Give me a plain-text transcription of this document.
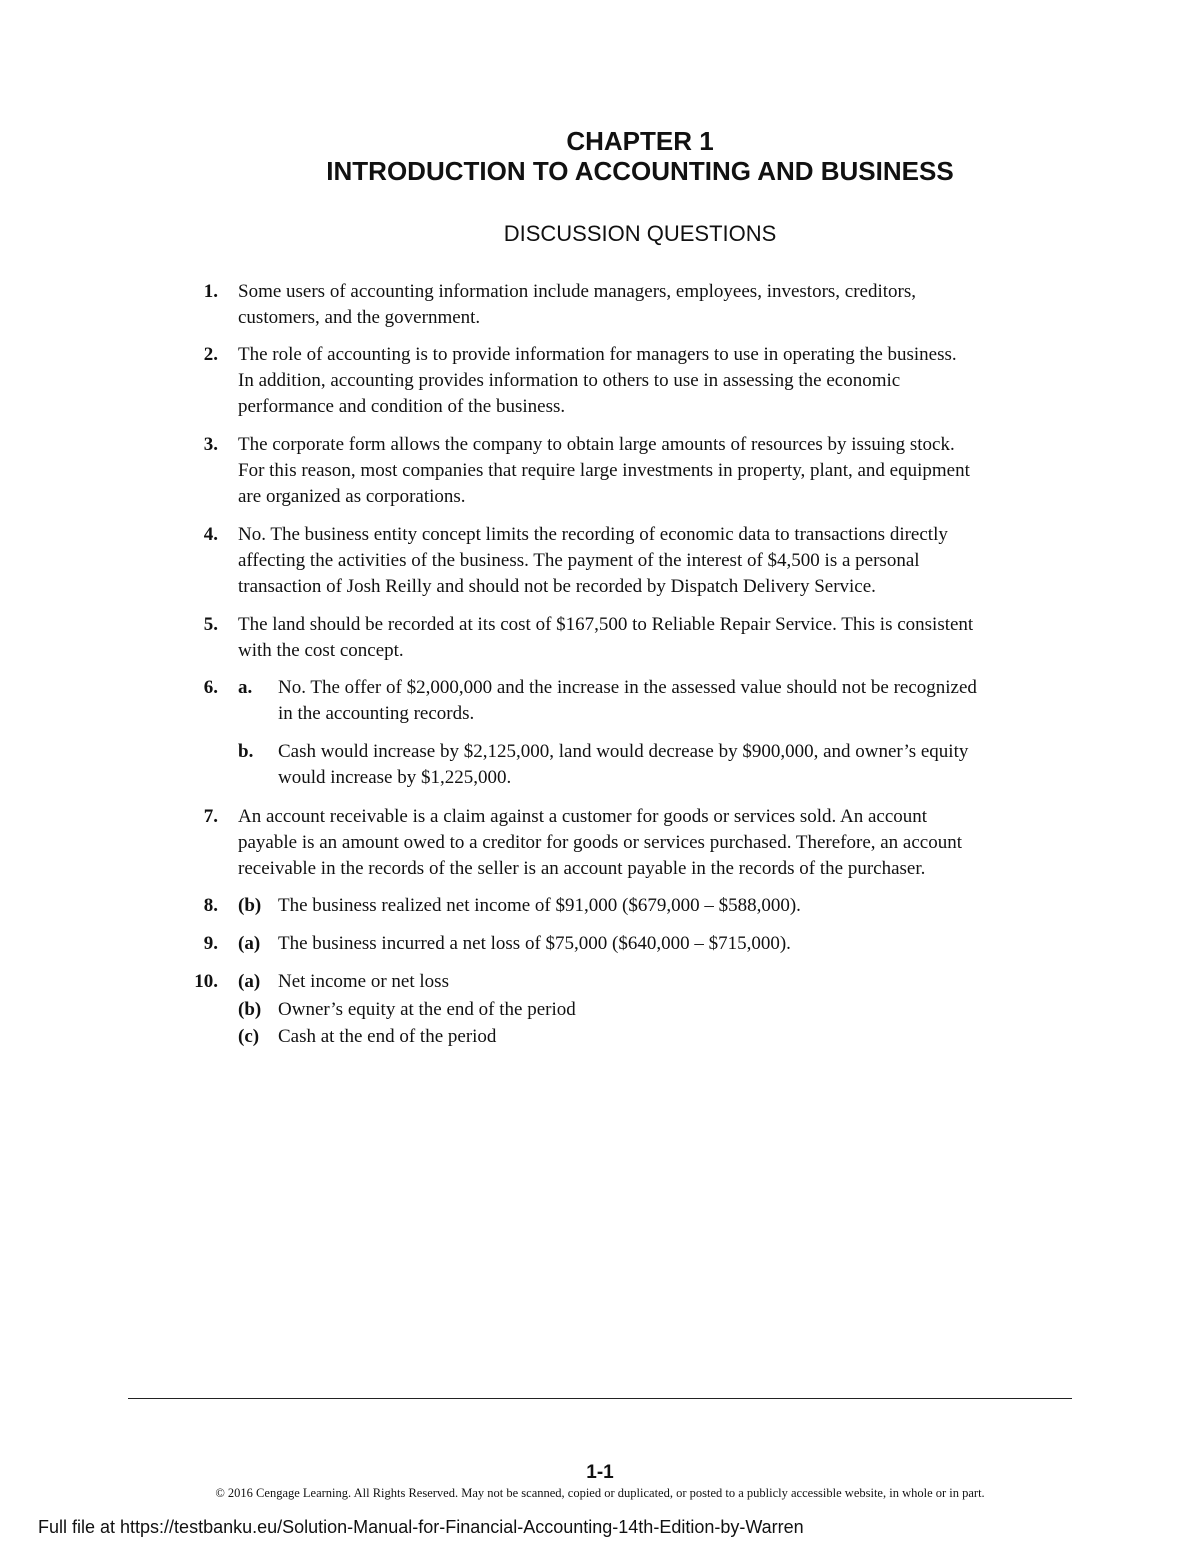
CHAPTER 1
INTRODUCTION TO ACCOUNTING AND BUSINESS
DISCUSSION QUESTIONS
1. Some users of accounting information include managers, employees, investors, creditors,
customers, and the government.
2. The role of accounting is to provide information for managers to use in operating the business.
In addition, accounting provides information to others to use in assessing the economic
performance and condition of the business.
3. The corporate form allows the company to obtain large amounts of resources by issuing stock.
For this reason, most companies that require large investments in property, plant, and equipment
are organized as corporations.
4. No. The business entity concept limits the recording of economic data to transactions directly
affecting the activities of the business. The payment of the interest of $4,500 is a personal
transaction of Josh Reilly and should not be recorded by Dispatch Delivery Service.
5. The land should be recorded at its cost of $167,500 to Reliable Repair Service. This is consistent
with the cost concept.
6. a. No. The offer of $2,000,000 and the increase in the assessed value should not be recognized
in the accounting records.
b. Cash would increase by $2,125,000, land would decrease by $900,000, and owner’s equity
would increase by $1,225,000.
7. An account receivable is a claim against a customer for goods or services sold. An account
payable is an amount owed to a creditor for goods or services purchased. Therefore, an account
receivable in the records of the seller is an account payable in the records of the purchaser.
8. (b) The business realized net income of $91,000 ($679,000 – $588,000).
9. (a) The business incurred a net loss of $75,000 ($640,000 – $715,000).
10. (a) Net income or net loss
(b) Owner’s equity at the end of the period
(c) Cash at the end of the period
1-1
© 2016 Cengage Learning. All Rights Reserved. May not be scanned, copied or duplicated, or posted to a publicly accessible website, in whole or in part.
Full file at https://testbanku.eu/Solution-Manual-for-Financial-Accounting-14th-Edition-by-Warren
